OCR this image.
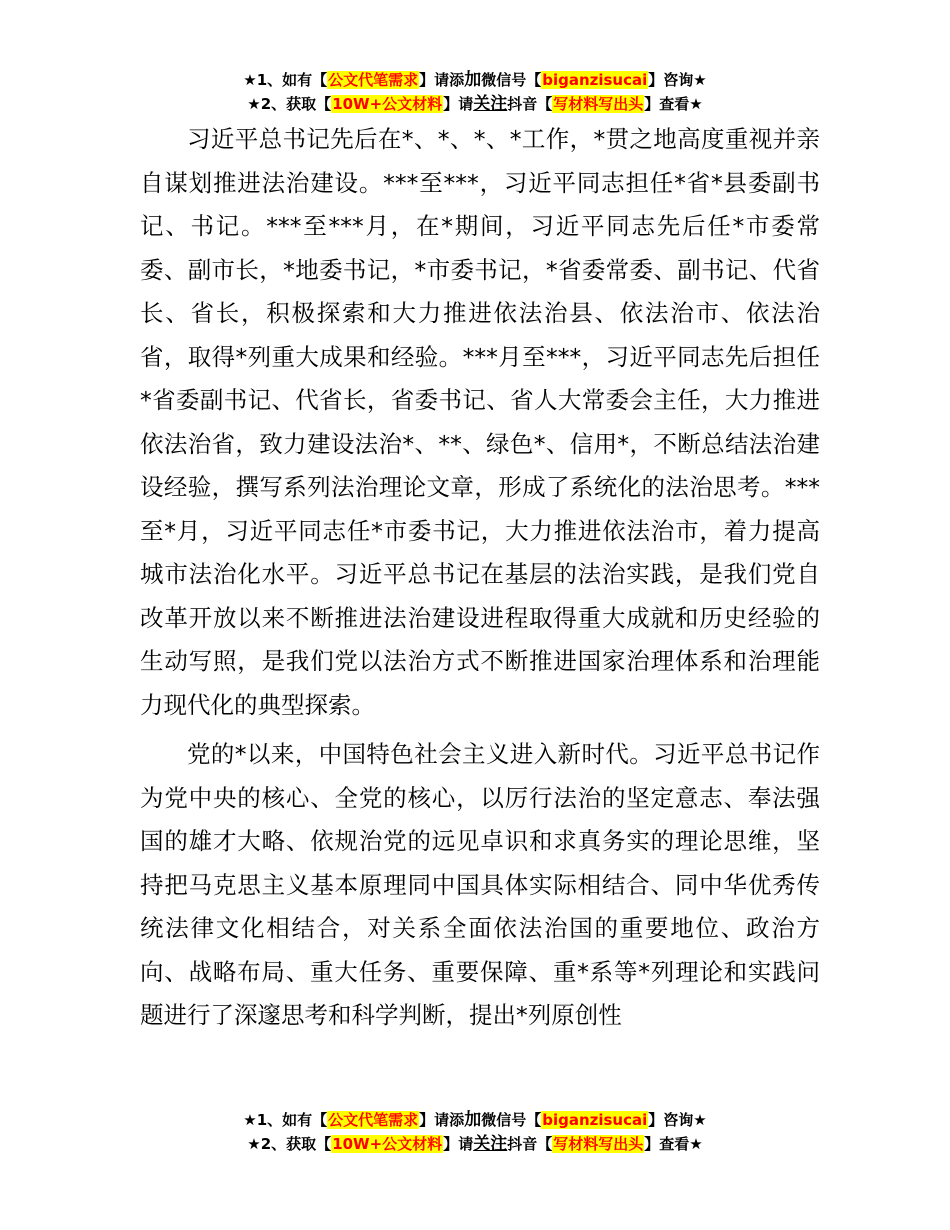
★1、如有【公文代笔需求】请添加微信号【biganzisucai】咨询★
★2、获取【10W+公文材料】请关注抖音【写材料写出头】查看★

习近平总书记先后在*、*、*、*工作，*贯之地高度重视并亲自谋划推进法治建设。***至***，习近平同志担任*省*县委副书记、书记。***至***月，在*期间，习近平同志先后任*市委常委、副市长，*地委书记，*市委书记，*省委常委、副书记、代省长、省长，积极探索和大力推进依法治县、依法治市、依法治省，取得*列重大成果和经验。***月至***，习近平同志先后担任*省委副书记、代省长，省委书记、省人大常委会主任，大力推进依法治省，致力建设法治*、**、绿色*、信用*，不断总结法治建设经验，撰写系列法治理论文章，形成了系统化的法治思考。***至*月，习近平同志任*市委书记，大力推进依法治市，着力提高城市法治化水平。习近平总书记在基层的法治实践，是我们党自改革开放以来不断推进法治建设进程取得重大成就和历史经验的生动写照，是我们党以法治方式不断推进国家治理体系和治理能力现代化的典型探索。

党的*以来，中国特色社会主义进入新时代。习近平总书记作为党中央的核心、全党的核心，以厉行法治的坚定意志、奉法强国的雄才大略、依规治党的远见卓识和求真务实的理论思维，坚持把马克思主义基本原理同中国具体实际相结合、同中华优秀传统法律文化相结合，对关系全面依法治国的重要地位、政治方向、战略布局、重大任务、重要保障、重*系等*列理论和实践问题进行了深邃思考和科学判断，提出*列原创性

★1、如有【公文代笔需求】请添加微信号【biganzisucai】咨询★
★2、获取【10W+公文材料】请关注抖音【写材料写出头】查看★
